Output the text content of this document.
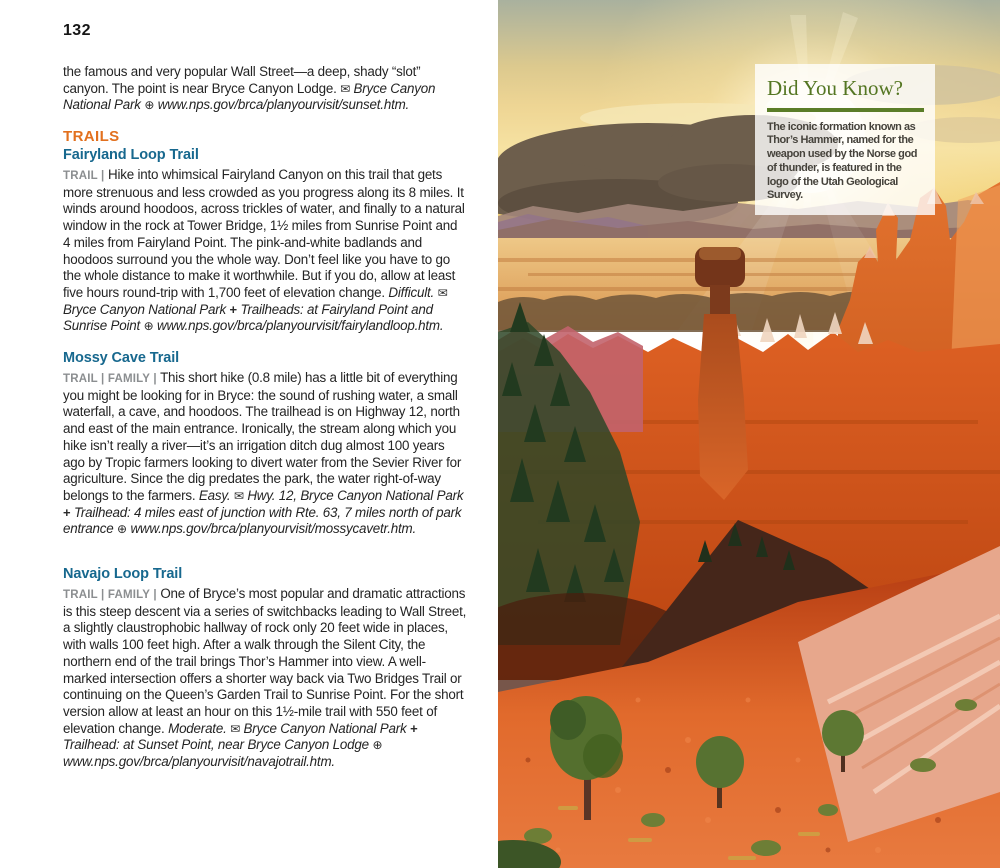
132

the famous and very popular Wall Street—a deep, shady “slot” canyon. The point is near Bryce Canyon Lodge. ✉ Bryce Canyon National Park ⊕ www.nps.gov/brca/planyourvisit/sunset.htm.

TRAILS

Fairyland Loop Trail

TRAIL | Hike into whimsical Fairyland Canyon on this trail that gets more strenuous and less crowded as you progress along its 8 miles. It winds around hoodoos, across trickles of water, and finally to a natural window in the rock at Tower Bridge, 1½ miles from Sunrise Point and 4 miles from Fairyland Point. The pink-and-white badlands and hoodoos surround you the whole way. Don’t feel like you have to go the whole distance to make it worthwhile. But if you do, allow at least five hours round-trip with 1,700 feet of elevation change. Difficult. ✉ Bryce Canyon National Park + Trailheads: at Fairyland Point and Sunrise Point ⊕ www.nps.gov/brca/planyourvisit/fairylandloop.htm.

Mossy Cave Trail

TRAIL | FAMILY | This short hike (0.8 mile) has a little bit of everything you might be looking for in Bryce: the sound of rushing water, a small waterfall, a cave, and hoodoos. The trailhead is on Highway 12, north and east of the main entrance. Ironically, the stream along which you hike isn’t really a river—it’s an irrigation ditch dug almost 100 years ago by Tropic farmers looking to divert water from the Sevier River for agriculture. Since the dig predates the park, the water right-of-way belongs to the farmers. Easy. ✉ Hwy. 12, Bryce Canyon National Park + Trailhead: 4 miles east of junction with Rte. 63, 7 miles north of park entrance ⊕ www.nps.gov/brca/planyourvisit/mossycavetr.htm.

Navajo Loop Trail

TRAIL | FAMILY | One of Bryce’s most popular and dramatic attractions is this steep descent via a series of switchbacks leading to Wall Street, a slightly claustrophobic hallway of rock only 20 feet wide in places, with walls 100 feet high. After a walk through the Silent City, the northern end of the trail brings Thor’s Hammer into view. A well-marked intersection offers a shorter way back via Two Bridges Trail or continuing on the Queen’s Garden Trail to Sunrise Point. For the short version allow at least an hour on this 1½-mile trail with 550 feet of elevation change. Moderate. ✉ Bryce Canyon National Park + Trailhead: at Sunset Point, near Bryce Canyon Lodge ⊕ www.nps.gov/brca/planyourvisit/navajotrail.htm.

Did You Know?

The iconic formation known as Thor’s Hammer, named for the weapon used by the Norse god of thunder, is featured in the logo of the Utah Geological Survey.
